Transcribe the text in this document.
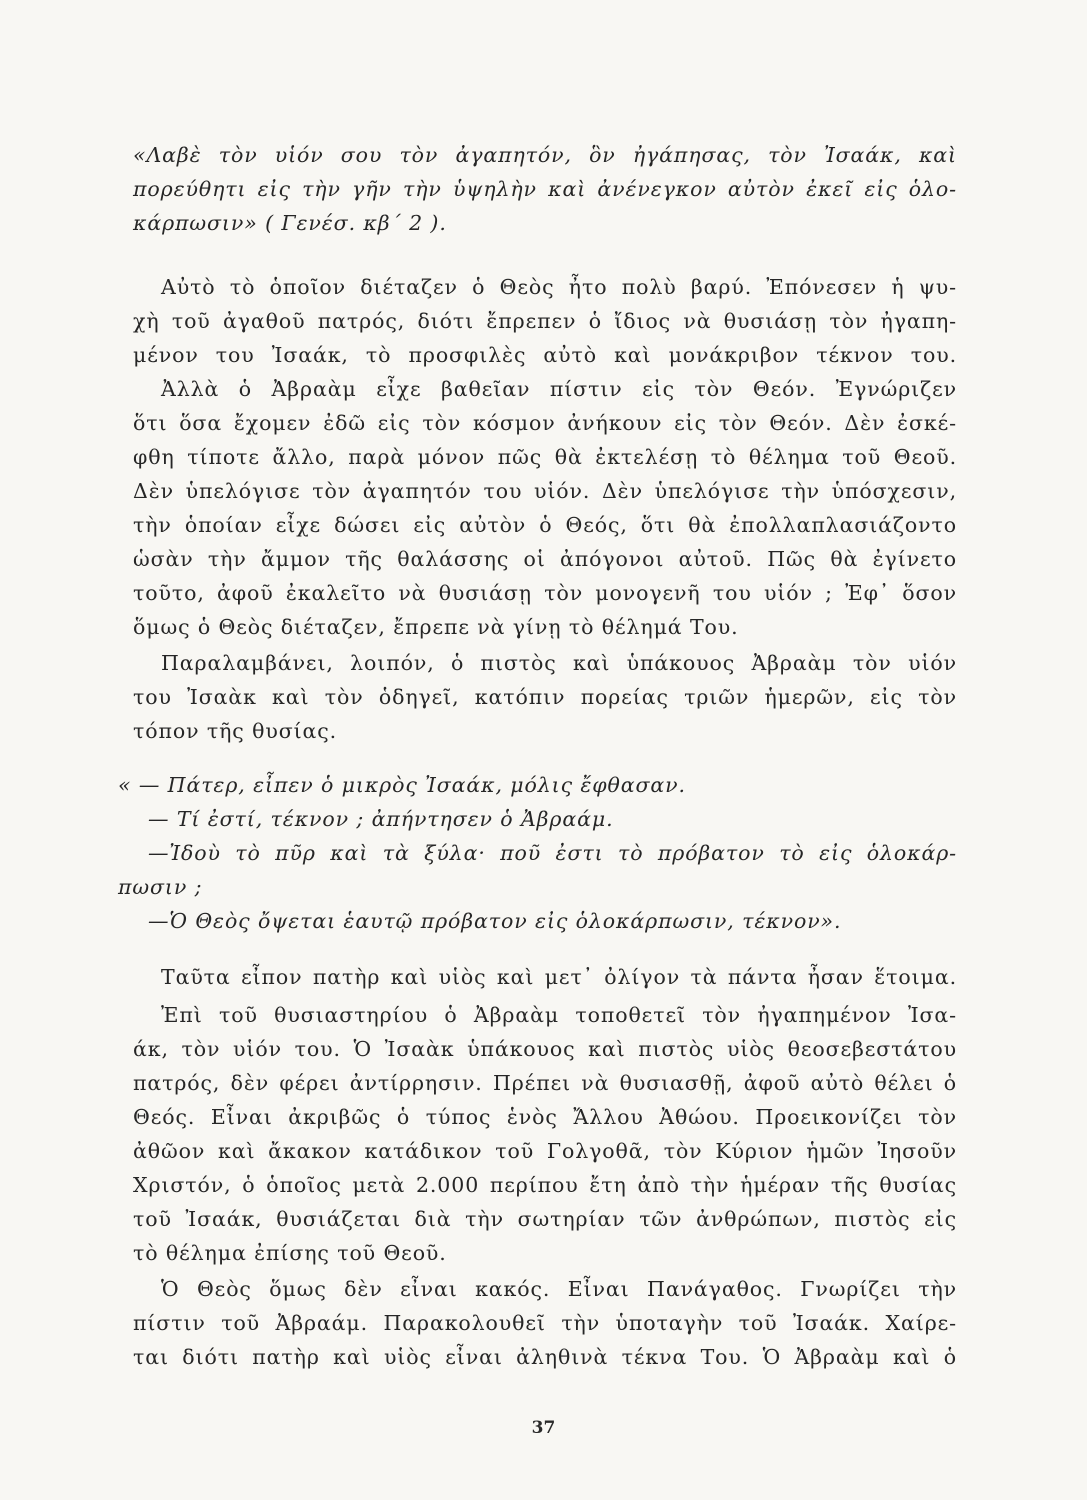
«Λαβὲ τὸν υἱόν σου τὸν ἀγαπητόν, ὃν ἠγάπησας, τὸν Ἰσαάκ, καὶ
πορεύθητι εἰς τὴν γῆν τὴν ὑψηλὴν καὶ ἀνένεγκον αὐτὸν ἐκεῖ εἰς ὁλο-
κάρπωσιν» ( Γενέσ. κβ΄ 2 ).
Αὐτὸ τὸ ὁποῖον διέταζεν ὁ Θεὸς ἦτο πολὺ βαρύ. Ἐπόνεσεν ἡ ψυ-
χὴ τοῦ ἀγαθοῦ πατρός, διότι ἔπρεπεν ὁ ἴδιος νὰ θυσιάσῃ τὸν ἠγαπη-
μένον του Ἰσαάκ, τὸ προσφιλὲς αὐτὸ καὶ μονάκριβον τέκνον του.
Ἀλλὰ ὁ Ἀβραὰμ εἶχε βαθεῖαν πίστιν εἰς τὸν Θεόν. Ἐγνώριζεν
ὅτι ὅσα ἔχομεν ἐδῶ εἰς τὸν κόσμον ἀνήκουν εἰς τὸν Θεόν. Δὲν ἐσκέ-
φθη τίποτε ἄλλο, παρὰ μόνον πῶς θὰ ἐκτελέσῃ τὸ θέλημα τοῦ Θεοῦ.
Δὲν ὑπελόγισε τὸν ἀγαπητόν του υἱόν. Δὲν ὑπελόγισε τὴν ὑπόσχεσιν,
τὴν ὁποίαν εἶχε δώσει εἰς αὐτὸν ὁ Θεός, ὅτι θὰ ἐπολλαπλασιάζοντο
ὡσὰν τὴν ἄμμον τῆς θαλάσσης οἱ ἀπόγονοι αὐτοῦ. Πῶς θὰ ἐγίνετο
τοῦτο, ἀφοῦ ἐκαλεῖτο νὰ θυσιάσῃ τὸν μονογενῆ του υἱόν ; Ἐφ᾽ ὅσον
ὅμως ὁ Θεὸς διέταζεν, ἔπρεπε νὰ γίνῃ τὸ θέλημά Του.
Παραλαμβάνει, λοιπόν, ὁ πιστὸς καὶ ὑπάκουος Ἀβραὰμ τὸν υἱόν
του Ἰσαὰκ καὶ τὸν ὁδηγεῖ, κατόπιν πορείας τριῶν ἡμερῶν, εἰς τὸν
τόπον τῆς θυσίας.
« — Πάτερ, εἶπεν ὁ μικρὸς Ἰσαάκ, μόλις ἔφθασαν.
— Τί ἐστί, τέκνον ; ἀπήντησεν ὁ Ἀβραάμ.
—Ἰδοὺ τὸ πῦρ καὶ τὰ ξύλα· ποῦ ἐστι τὸ πρόβατον τὸ εἰς ὁλοκάρ-
πωσιν ;
—Ὁ Θεὸς ὄψεται ἑαυτῷ πρόβατον εἰς ὁλοκάρπωσιν, τέκνον».
Ταῦτα εἶπον πατὴρ καὶ υἱὸς καὶ μετ᾽ ὀλίγον τὰ πάντα ἦσαν ἕτοιμα.
Ἐπὶ τοῦ θυσιαστηρίου ὁ Ἀβραὰμ τοποθετεῖ τὸν ἠγαπημένον Ἰσα-
άκ, τὸν υἱόν του. Ὁ Ἰσαὰκ ὑπάκουος καὶ πιστὸς υἱὸς θεοσεβεστάτου
πατρός, δὲν φέρει ἀντίρρησιν. Πρέπει νὰ θυσιασθῇ, ἀφοῦ αὐτὸ θέλει ὁ
Θεός. Εἶναι ἀκριβῶς ὁ τύπος ἑνὸς Ἄλλου Ἀθώου. Προεικονίζει τὸν
ἀθῶον καὶ ἄκακον κατάδικον τοῦ Γολγοθᾶ, τὸν Κύριον ἡμῶν Ἰησοῦν
Χριστόν, ὁ ὁποῖος μετὰ 2.000 περίπου ἔτη ἀπὸ τὴν ἡμέραν τῆς θυσίας
τοῦ Ἰσαάκ, θυσιάζεται διὰ τὴν σωτηρίαν τῶν ἀνθρώπων, πιστὸς εἰς
τὸ θέλημα ἐπίσης τοῦ Θεοῦ.
Ὁ Θεὸς ὅμως δὲν εἶναι κακός. Εἶναι Πανάγαθος. Γνωρίζει τὴν
πίστιν τοῦ Ἀβραάμ. Παρακολουθεῖ τὴν ὑποταγὴν τοῦ Ἰσαάκ. Χαίρε-
ται διότι πατὴρ καὶ υἱὸς εἶναι ἀληθινὰ τέκνα Του. Ὁ Ἀβραὰμ καὶ ὁ
37
